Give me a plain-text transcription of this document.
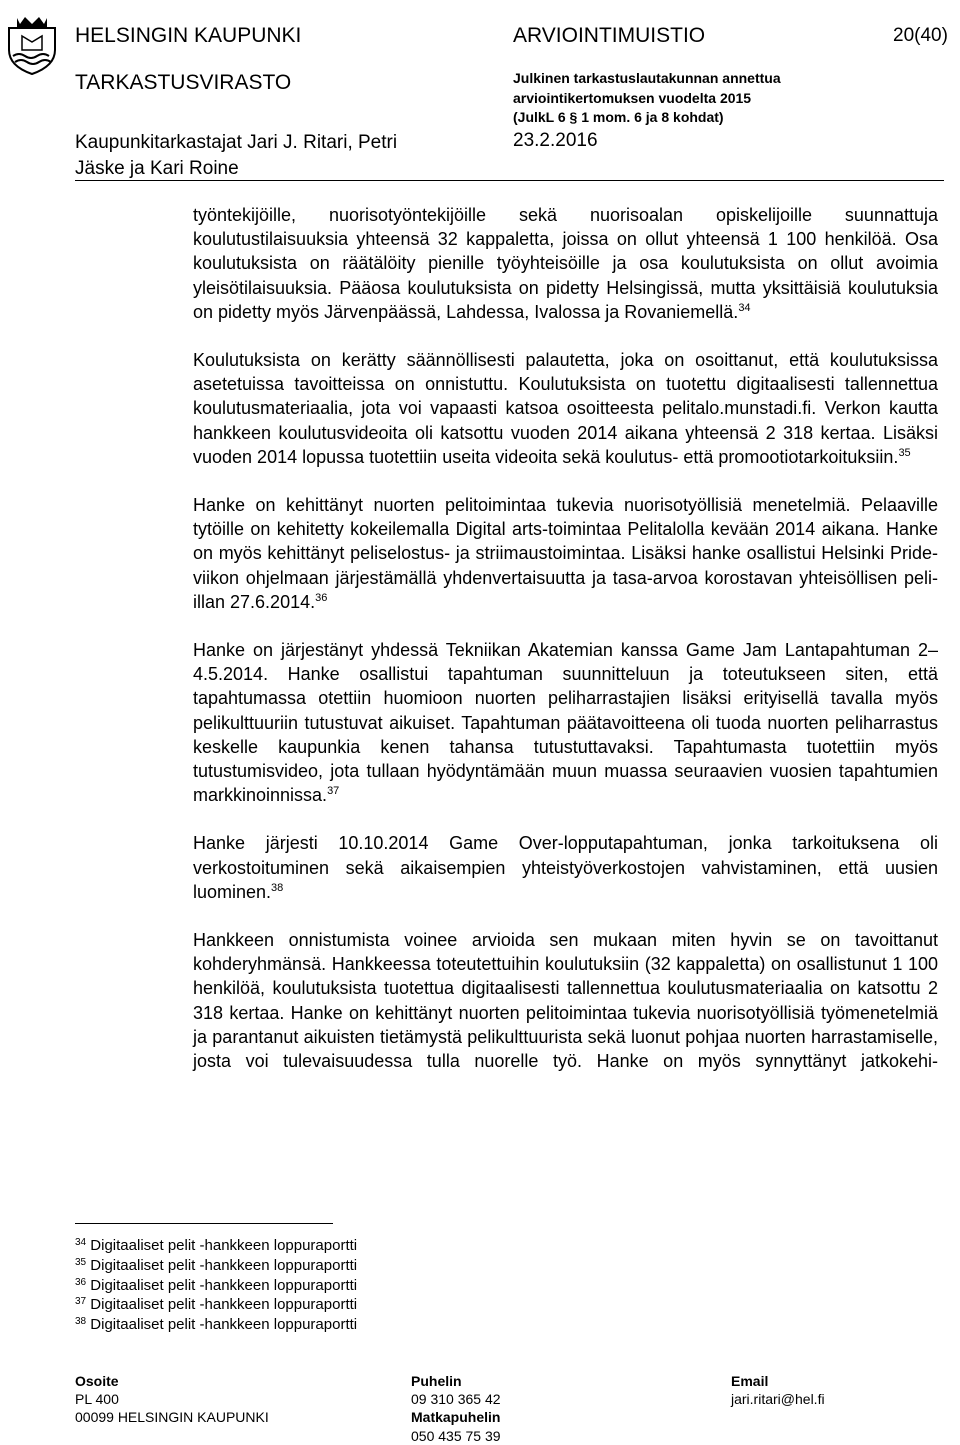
HELSINGIN KAUPUNKI
TARKASTUSVIRASTO
Kaupunkitarkastajat Jari J. Ritari, Petri
Jäske ja Kari Roine
ARVIOINTIMUISTIO
Julkinen tarkastuslautakunnan annettua
arviointikertomuksen vuodelta 2015
(JulkL 6 § 1 mom. 6 ja 8 kohdat)
23.2.2016
20(40)

työntekijöille, nuorisotyöntekijöille sekä nuorisoalan opiskelijoille suunnattuja koulutustilaisuuksia yhteensä 32 kappaletta, joissa on ollut yhteensä 1 100 henkilöä. Osa koulutuksista on räätälöity pienille työyhteisöille ja osa koulutuksista on ollut avoimia yleisötilaisuuksia. Pääosa koulutuksista on pidetty Helsingissä, mutta yksittäisiä koulutuksia on pidetty myös Järvenpäässä, Lahdessa, Ivalossa ja Rovaniemellä.$^{34}$

Koulutuksista on kerätty säännöllisesti palautetta, joka on osoittanut, että koulutuksissa asetetuissa tavoitteissa on onnistuttu. Koulutuksista on tuotettu digitaalisesti tallennettua koulutusmateriaalia, jota voi vapaasti katsoa osoitteesta pelitalo.munstadi.fi. Verkon kautta hankkeen koulutusvideoita oli katsottu vuoden 2014 aikana yhteensä 2 318 kertaa. Lisäksi vuoden 2014 lopussa tuotettiin useita videoita sekä koulutus- että promootiotarkoituksiin.$^{35}$

Hanke on kehittänyt nuorten pelitoimintaa tukevia nuorisotyöllisiä menetelmiä. Pelaaville tytöille on kehitetty kokeilemalla Digital arts-toimintaa Pelitalolla kevään 2014 aikana. Hanke on myös kehittänyt peliselostus- ja striimaustoimintaa. Lisäksi hanke osallistui Helsinki Pride-viikon ohjelmaan järjestämällä yhdenvertaisuutta ja tasa-arvoa korostavan yhteisöllisen peli-illan 27.6.2014.36

Hanke on järjestänyt yhdessä Tekniikan Akatemian kanssa Game Jam Lantapahtuman 2–4.5.2014. Hanke osallistui tapahtuman suunnitteluun ja toteutukseen siten, että tapahtumassa otettiin huomioon nuorten peliharrastajien lisäksi erityisellä tavalla myös pelikulttuuriin tutustuvat aikuiset. Tapahtuman päätavoitteena oli tuoda nuorten peliharrastus keskelle kaupunkia kenen tahansa tutustuttavaksi. Tapahtumasta tuotettiin myös tutustumisvideo, jota tullaan hyödyntämään muun muassa seuraavien vuosien tapahtumien markkinoinnissa.$^{37}$

Hanke järjesti 10.10.2014 Game Over-lopputapahtuman, jonka tarkoituksena oli verkostoituminen sekä aikaisempien yhteistyöverkostojen vahvistaminen, että uusien luominen.$^{38}$

Hankkeen onnistumista voinee arvioida sen mukaan miten hyvin se on tavoittanut kohderyhmänsä. Hankkeessa toteutettuihin koulutuksiin (32 kappaletta) on osallistunut 1 100 henkilöä, koulutuksista tuotettua digitaalisesti tallennettua koulutusmateriaalia on katsottu 2 318 kertaa. Hanke on kehittänyt nuorten pelitoimintaa tukevia nuorisotyöllisiä työmenetelmiä ja parantanut aikuisten tietämystä pelikulttuurista sekä luonut pohjaa nuorten harrastamiselle, josta voi tulevaisuudessa tulla nuorelle työ. Hanke on myös synnyttänyt jatkokehi-

$^{34}$ Digitaaliset pelit -hankkeen loppuraportti
$^{35}$ Digitaaliset pelit -hankkeen loppuraportti
$^{36}$ Digitaaliset pelit -hankkeen loppuraportti
$^{37}$ Digitaaliset pelit -hankkeen loppuraportti
$^{38}$ Digitaaliset pelit -hankkeen loppuraportti
Osoite
PL 400
00099 HELSINGIN KAUPUNKI
Puhelin
09 310 365 42
Matkapuhelin
050 435 75 39
Email
jari.ritari@hel.fi
